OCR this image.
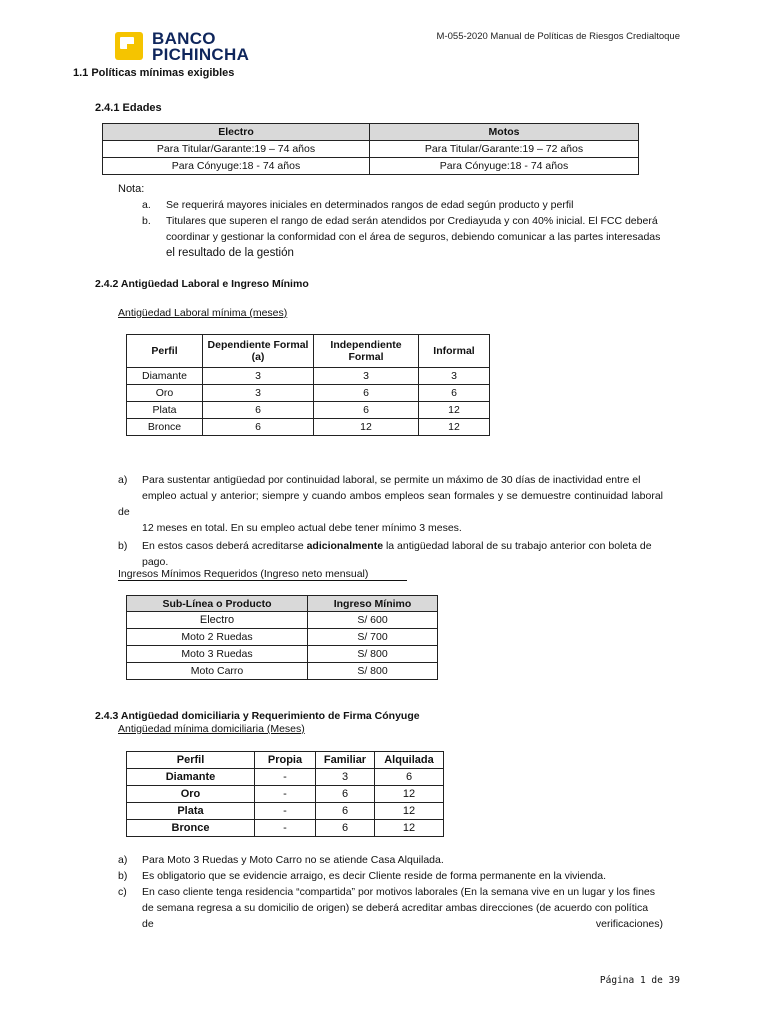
BANCO
PICHINCHA
M-055-2020 Manual de Políticas de Riesgos Credialtoque
1.1 Políticas mínimas exigibles
2.4.1 Edades
Electro	Motos
Para Titular/Garante:19 – 74 años	Para Titular/Garante:19 – 72 años
Para Cónyuge:18 - 74 años	Para Cónyuge:18 - 74 años
Nota:
a. Se requerirá mayores iniciales en determinados rangos de edad según producto y perfil
b. Titulares que superen el rango de edad serán atendidos por Crediayuda y con 40% inicial. El FCC deberá
coordinar y gestionar la conformidad con el área de seguros, debiendo comunicar a las partes interesadas
el resultado de la gestión
2.4.2 Antigüedad Laboral e Ingreso Mínimo
Antigüedad Laboral mínima (meses)
Perfil	Dependiente Formal (a)	Independiente Formal	Informal
Diamante	3	3	3
Oro	3	6	6
Plata	6	6	12
Bronce	6	12	12
a) Para sustentar antigüedad por continuidad laboral, se permite un máximo de 30 días de inactividad entre el
empleo actual y anterior; siempre y cuando ambos empleos sean formales y se demuestre continuidad laboral de
12 meses en total. En su empleo actual debe tener mínimo 3 meses.
b) En estos casos deberá acreditarse adicionalmente la antigüedad laboral de su trabajo anterior con boleta de
pago.
Ingresos Mínimos Requeridos (Ingreso neto mensual)
Sub-Línea o Producto	Ingreso Mínimo
Electro	S/ 600
Moto 2 Ruedas	S/ 700
Moto 3 Ruedas	S/ 800
Moto Carro	S/ 800
2.4.3 Antigüedad domiciliaria y Requerimiento de Firma Cónyuge
Antigüedad mínima domiciliaria (Meses)
Perfil	Propia	Familiar	Alquilada
Diamante	-	3	6
Oro	-	6	12
Plata	-	6	12
Bronce	-	6	12
a) Para Moto 3 Ruedas y Moto Carro no se atiende Casa Alquilada.
b) Es obligatorio que se evidencie arraigo, es decir Cliente reside de forma permanente en la vivienda.
c) En caso cliente tenga residencia “compartida” por motivos laborales (En la semana vive en un lugar y los fines
de semana regresa a su domicilio de origen) se deberá acreditar ambas direcciones (de acuerdo con política

de	verificaciones)
Página 1 de 39
